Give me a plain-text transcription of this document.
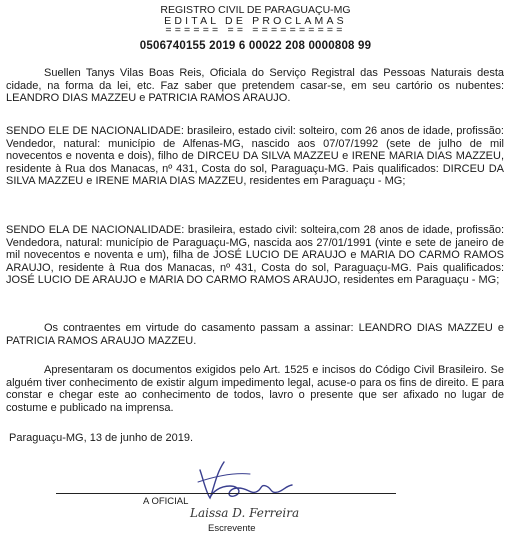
REGISTRO CIVIL DE PARAGUAÇU-MG
EDITAL DE PROCLAMAS
====== == ==========
0506740155 2019 6 00022 208 0000808 99

Suellen Tanys Vilas Boas Reis, Oficiala do Serviço Registral das Pessoas Naturais desta cidade, na forma da lei, etc. Faz saber que pretendem casar-se, em seu cartório os nubentes: LEANDRO DIAS MAZZEU e PATRICIA RAMOS ARAUJO.

SENDO ELE DE NACIONALIDADE: brasileiro, estado civil: solteiro, com 26 anos de idade, profissão: Vendedor, natural: município de Alfenas-MG, nascido aos 07/07/1992 (sete de julho de mil novecentos e noventa e dois), filho de DIRCEU DA SILVA MAZZEU e IRENE MARIA DIAS MAZZEU, residente à Rua dos Manacas, nº 431, Costa do sol, Paraguaçu-MG. Pais qualificados: DIRCEU DA SILVA MAZZEU e IRENE MARIA DIAS MAZZEU, residentes em Paraguaçu - MG;

SENDO ELA DE NACIONALIDADE: brasileira, estado civil: solteira,com 28 anos de idade, profissão: Vendedora, natural: município de Paraguaçu-MG, nascida aos 27/01/1991 (vinte e sete de janeiro de mil novecentos e noventa e um), filha de JOSÉ LUCIO DE ARAUJO e MARIA DO CARMO RAMOS ARAUJO, residente à Rua dos Manacas, nº 431, Costa do sol, Paraguaçu-MG. Pais qualificados: JOSÉ LUCIO DE ARAUJO e MARIA DO CARMO RAMOS ARAUJO, residentes em Paraguaçu - MG;

Os contraentes em virtude do casamento passam a assinar: LEANDRO DIAS MAZZEU e PATRICIA RAMOS ARAUJO MAZZEU.

Apresentaram os documentos exigidos pelo Art. 1525 e incisos do Código Civil Brasileiro. Se alguém tiver conhecimento de existir algum impedimento legal, acuse-o para os fins de direito. E para constar e chegar este ao conhecimento de todos, lavro o presente que ser afixado no lugar de costume e publicado na imprensa.

Paraguaçu-MG, 13 de junho de 2019.
A OFICIAL
Laissa D. Ferreira
Escrevente
